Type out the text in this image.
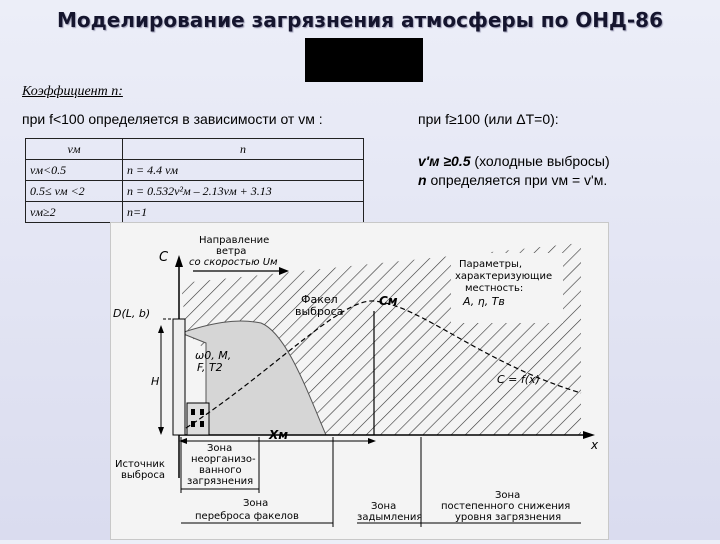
Моделирование загрязнения атмосферы по ОНД-86
Коэффициент n:
при f<100 определяется в зависимости от vм :	при f≥100 (или ΔT=0):
v'м ≥0.5 (холодные выбросы)
n определяется при vм = v'м.
vм	n
vм<0.5	n = 4.4 vм
0.5≤ vм <2	n = 0.532v²м – 2.13vм + 3.13
vм≥2	n=1
C
x
Направление
ветра
со скоростью Uм
D(L, b)
H
ω0, M,
F, T2
Факел
выброса
Cм
Xм
C = f(x)
Параметры,
характеризующие
местность:
A, η, Tв
Источник
выброса
Зона
неорганизо-
ванного
загрязнения
Зона
переброса факелов
Зона
задымления
Зона
постепенного снижения
уровня загрязнения
